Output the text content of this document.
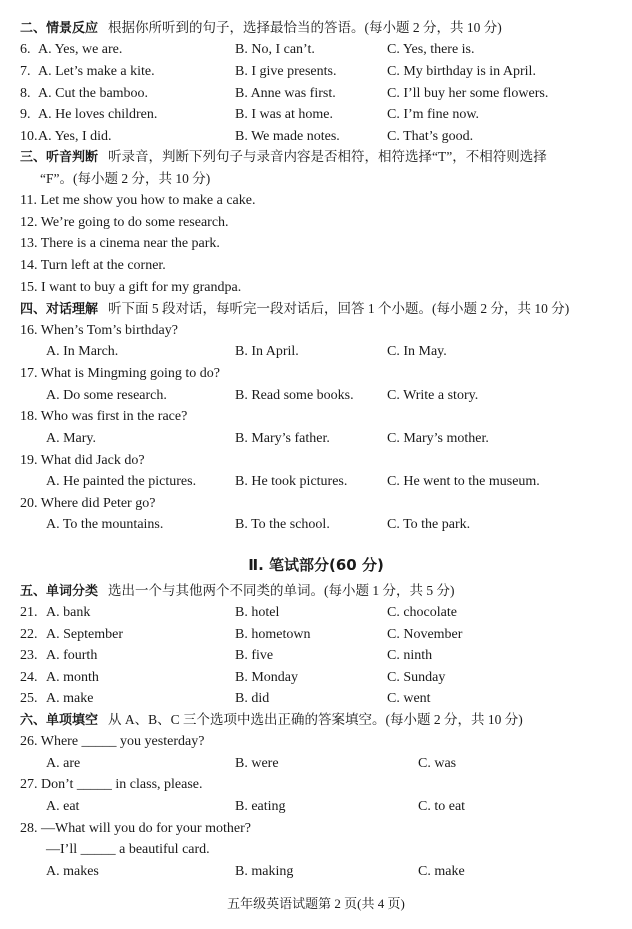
二、情景反应 根据你所听到的句子，选择最恰当的答语。(每小题 2 分，共 10 分)
6. A. Yes, we are.	B. No, I can’t.	C. Yes, there is.
7. A. Let’s make a kite.	B. I give presents.	C. My birthday is in April.
8. A. Cut the bamboo.	B. Anne was first.	C. I’ll buy her some flowers.
9. A. He loves children.	B. I was at home.	C. I’m fine now.
10. A. Yes, I did.	B. We made notes.	C. That’s good.
三、听音判断 听录音，判断下列句子与录音内容是否相符，相符选择“T”，不相符则选择
“F”。(每小题 2 分，共 10 分)
11. Let me show you how to make a cake.
12. We’re going to do some research.
13. There is a cinema near the park.
14. Turn left at the corner.
15. I want to buy a gift for my grandpa.
四、对话理解 听下面 5 段对话，每听完一段对话后，回答 1 个小题。(每小题 2 分，共 10 分)
16. When’s Tom’s birthday?
A. In March.	B. In April.	C. In May.
17. What is Mingming going to do?
A. Do some research.	B. Read some books. C. Write a story.
18. Who was first in the race?
A. Mary.	B. Mary’s father.	C. Mary’s mother.
19. What did Jack do?
A. He painted the pictures.	B. He took pictures.	C. He went to the museum.
20. Where did Peter go?
A. To the mountains.	B. To the school.	C. To the park.
Ⅱ. 笔试部分(60 分)
五、单词分类 选出一个与其他两个不同类的单词。(每小题 1 分，共 5 分)
21. A. bank	B. hotel	C. chocolate
22. A. September	B. hometown	C. November
23. A. fourth	B. five	C. ninth
24. A. month	B. Monday	C. Sunday
25. A. make	B. did	C. went
六、单项填空 从 A、B、C 三个选项中选出正确的答案填空。(每小题 2 分，共 10 分)
26. Where _____ you yesterday?
A. are	B. were	C. was
27. Don’t _____ in class, please.
A. eat	B. eating	C. to eat
28. —What will you do for your mother?
—I’ll _____ a beautiful card.
A. makes	B. making	C. make
五年级英语试题第 2 页(共 4 页)
